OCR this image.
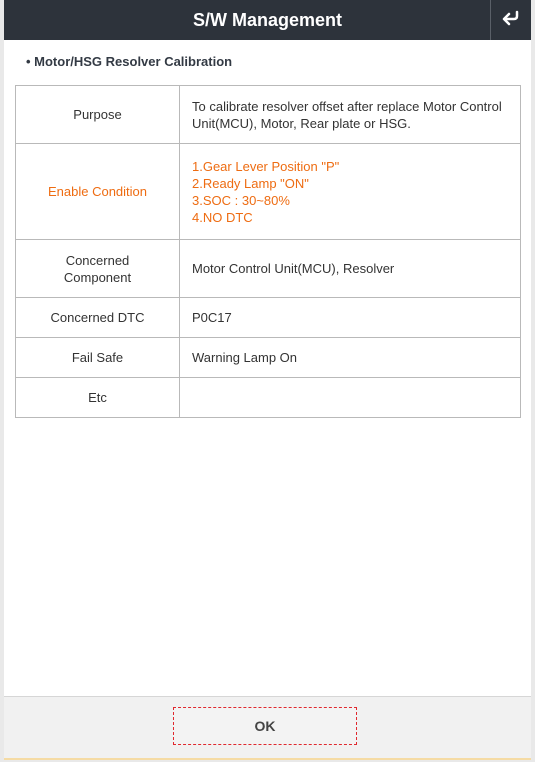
S/W Management
• Motor/HSG Resolver Calibration
Purpose	To calibrate resolver offset after replace Motor Control Unit(MCU), Motor, Rear plate or HSG.
Enable Condition	1.Gear Lever Position "P"
2.Ready Lamp "ON"
3.SOC : 30~80%
4.NO DTC

Concerned
Component	Motor Control Unit(MCU), Resolver
Concerned DTC	P0C17
Fail Safe	Warning Lamp On
Etc	
OK
